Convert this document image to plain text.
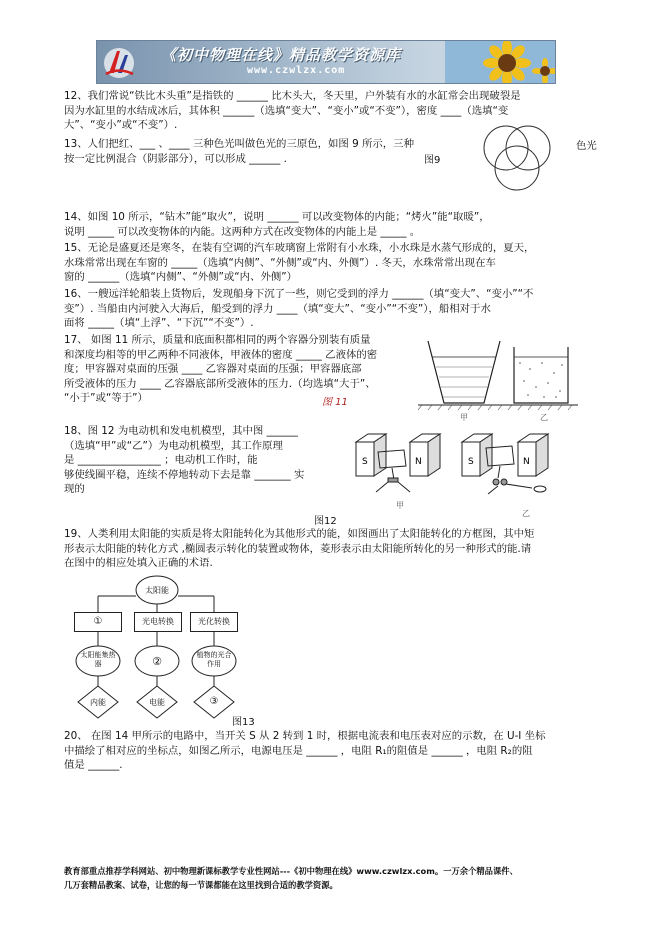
《初中物理在线》精品教学资源库
www.czwlzx.com

12、我们常说“铁比木头重”是指铁的 ______ 比木头大，冬天里，户外装有水的水缸常会出现破裂是

因为水缸里的水结成冰后，其体积 ______（选填“变大”、“变小”或“不变”），密度 ____（选填“变

大”、“变小”或“不变”）.

13、人们把红、___ 、____ 三种色光叫做色光的三原色，如图 9 所示，三种

按一定比例混合（阴影部分），可以形成 ______ .

色光
图9

14、如图 10 所示，“钻木”能“取火”，说明 ______ 可以改变物体的内能；“烤火”能“取暖”，

说明 _____ 可以改变物体的内能。这两种方式在改变物体的内能上是 _____ 。

15、无论是盛夏还是寒冬，在装有空调的汽车玻璃窗上常附有小水珠，小水珠是水蒸气形成的，夏天，

水珠常常出现在车窗的 _____（选填“内侧”、“外侧”或“内、外侧”）. 冬天，水珠常常出现在车

窗的 ______（选填“内侧”、“外侧”或“内、外侧”）

16、一艘远洋轮船装上货物后，发现船身下沉了一些，则它受到的浮力 ______（填“变大”、“变小”“不

变”）. 当船由内河驶入大海后，船受到的浮力 ____（填“变大”、“变小”“不变”），船相对于水

面将 _____（填“上浮”、“下沉”“不变”）.

17、 如图 11 所示，质量和底面积都相同的两个容器分别装有质量

和深度均相等的甲乙两种不同液体，甲液体的密度 _____ 乙液体的密

度；甲容器对桌面的压强 ____ 乙容器对桌面的压强；甲容器底部

所受液体的压力 ____ 乙容器底部所受液体的压力.（均选填“大于”、

“小于”或“等于”）	图 11
甲	乙

18、图 12 为电动机和发电机模型，其中图 ______

（选填“甲”或“乙”）为电动机模型，其工作原理

是 ________________ ；电动机工作时，能

够使线圈平稳，连续不停地转动下去是靠 _______ 实

现的

S	N	S	N
甲
乙
图12

19、人类利用太阳能的实质是将太阳能转化为其他形式的能，如图画出了太阳能转化的方框图，其中矩

形表示太阳能的转化方式 ,椭圆表示转化的装置或物体，菱形表示由太阳能所转化的另一种形式的能.请

在图中的相应处填入正确的术语.

太阳能
①	光电转换	光化转换
太阳能集热器	②	植物的光合作用
内能	电能	③
图13

20、 在图 14 甲所示的电路中，当开关 S 从 2 转到 1 时，根据电流表和电压表对应的示数，在 U-I 坐标

中描绘了相对应的坐标点，如图乙所示，电源电压是 ______ ，电阻 R₁的阻值是 ______ ，电阻 R₂的阻

值是 ______.

教育部重点推荐学科网站、初中物理新课标教学专业性网站---《初中物理在线》www.czwlzx.com。一万余个精品课件、

几万套精品教案、试卷，让您的每一节课都能在这里找到合适的教学资源。
